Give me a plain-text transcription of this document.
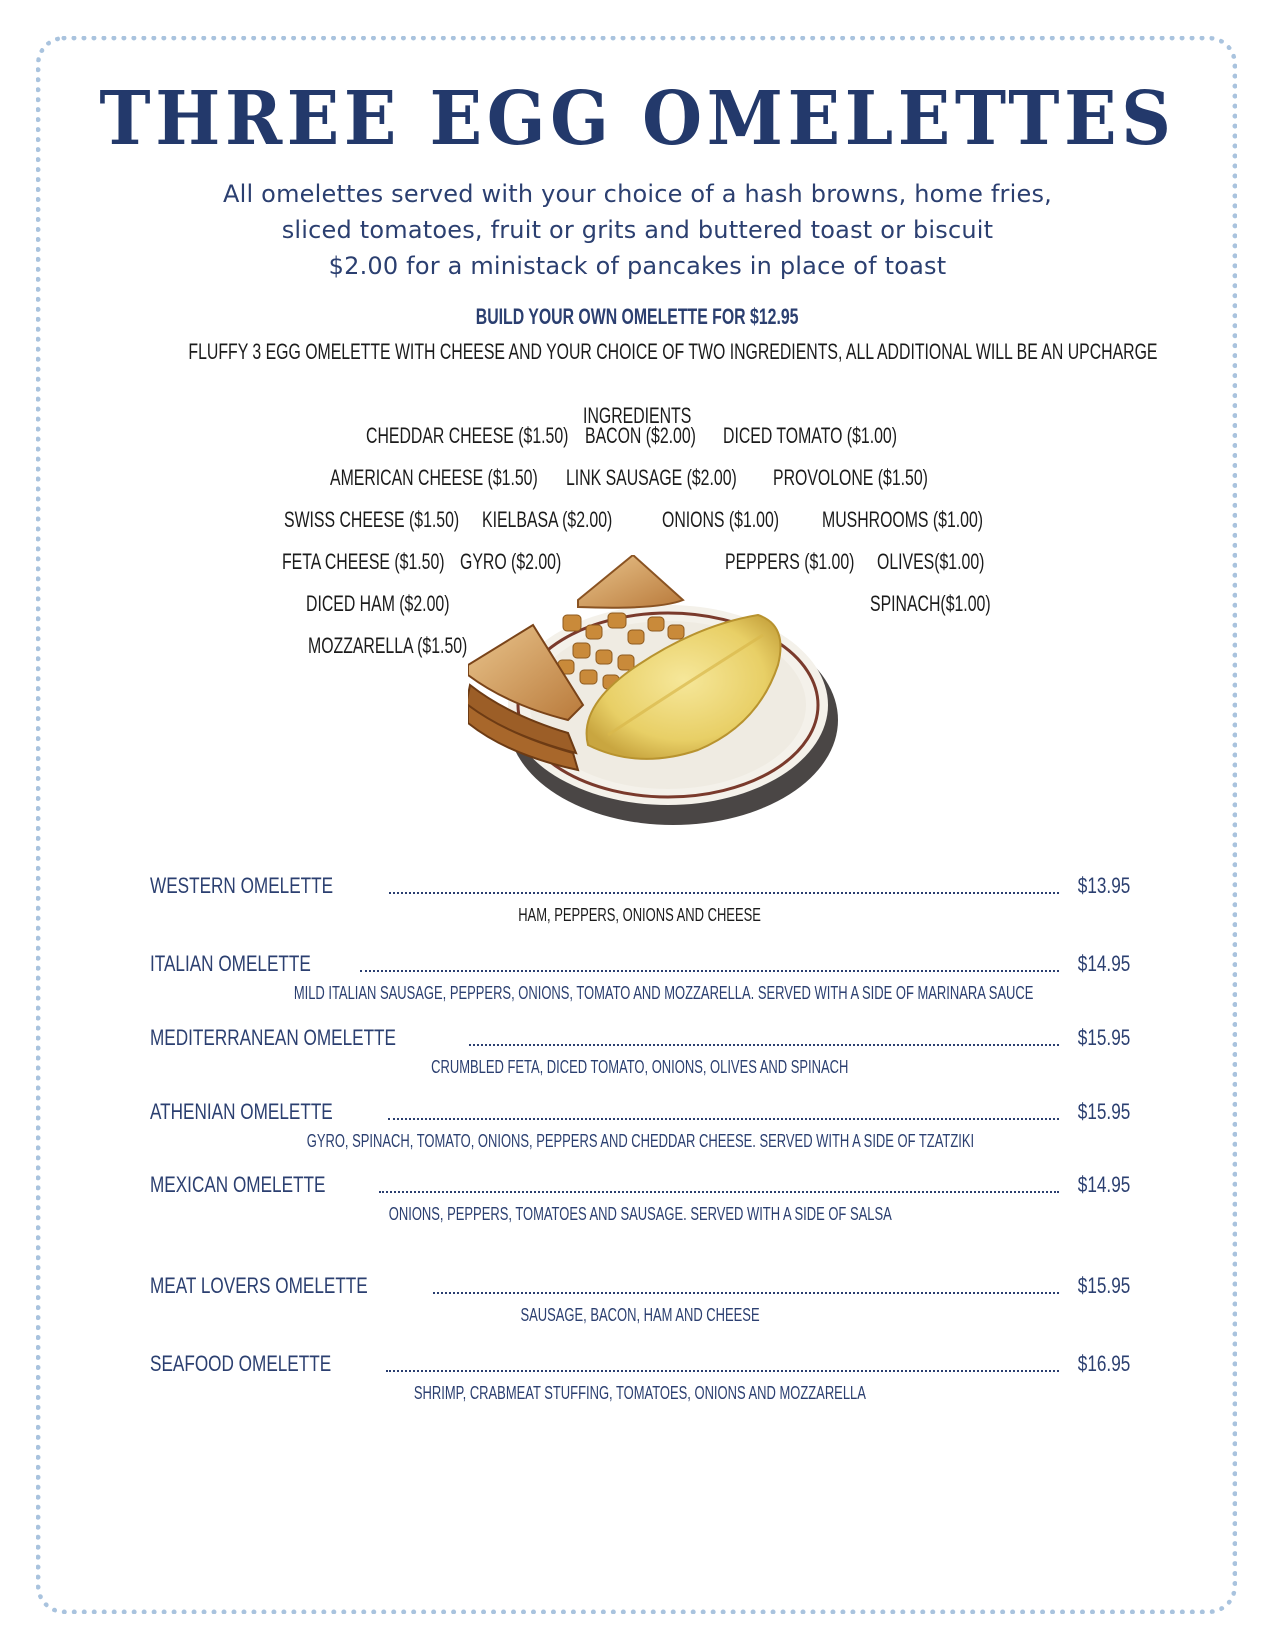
THREE EGG OMELETTES
All omelettes served with your choice of a hash browns, home fries,
sliced tomatoes, fruit or grits and buttered toast or biscuit
$2.00 for a ministack of pancakes in place of toast
BUILD YOUR OWN OMELETTE FOR $12.95
FLUFFY 3 EGG OMELETTE WITH CHEESE AND YOUR CHOICE OF TWO INGREDIENTS, ALL ADDITIONAL WILL BE AN UPCHARGE
INGREDIENTS
CHEDDAR CHEESE ($1.50) BACON ($2.00)	DICED TOMATO ($1.00)
AMERICAN CHEESE ($1.50)	LINK SAUSAGE ($2.00)	PROVOLONE ($1.50)
SWISS CHEESE ($1.50)	KIELBASA ($2.00)	ONIONS ($1.00)	MUSHROOMS ($1.00)
FETA CHEESE ($1.50) GYRO ($2.00)	PEPPERS ($1.00)	OLIVES($1.00)
DICED HAM ($2.00)	SPINACH($1.00)
MOZZARELLA ($1.50)
WESTERN OMELETTE	$13.95
HAM, PEPPERS, ONIONS AND CHEESE
ITALIAN OMELETTE	$14.95
MILD ITALIAN SAUSAGE, PEPPERS, ONIONS, TOMATO AND MOZZARELLA. SERVED WITH A SIDE OF MARINARA SAUCE
MEDITERRANEAN OMELETTE	$15.95
CRUMBLED FETA, DICED TOMATO, ONIONS, OLIVES AND SPINACH
ATHENIAN OMELETTE	$15.95
GYRO, SPINACH, TOMATO, ONIONS, PEPPERS AND CHEDDAR CHEESE. SERVED WITH A SIDE OF TZATZIKI
MEXICAN OMELETTE	$14.95
ONIONS, PEPPERS, TOMATOES AND SAUSAGE. SERVED WITH A SIDE OF SALSA
MEAT LOVERS OMELETTE	$15.95
SAUSAGE, BACON, HAM AND CHEESE
SEAFOOD OMELETTE	$16.95
SHRIMP, CRABMEAT STUFFING, TOMATOES, ONIONS AND MOZZARELLA
